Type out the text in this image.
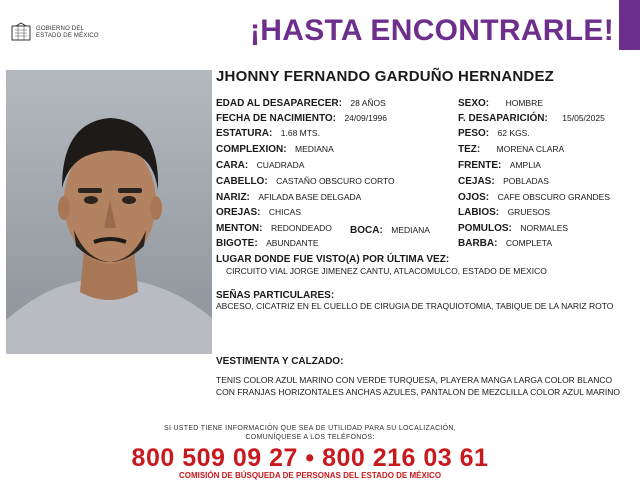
GOBIERNO DEL
ESTADO DE MÉXICO	¡HASTA ENCONTRARLE!
JHONNY FERNANDO GARDUÑO HERNANDEZ
EDAD AL DESAPARECER: 28 AÑOS
FECHA DE NACIMIENTO: 24/09/1996
ESTATURA: 1.68 MTS.
COMPLEXION: MEDIANA
CARA: CUADRADA
CABELLO: CASTAÑO OBSCURO CORTO
NARIZ: AFILADA BASE DELGADA
OREJAS: CHICAS
MENTON: REDONDEADO BOCA: MEDIANA
BIGOTE: ABUNDANTE
SEXO: HOMBRE
F. DESAPARICIÓN: 15/05/2025
PESO: 62 KGS.
TEZ: MORENA CLARA
FRENTE: AMPLIA
CEJAS: POBLADAS
OJOS: CAFE OBSCURO GRANDES
LABIOS: GRUESOS
POMULOS: NORMALES
BARBA: COMPLETA
LUGAR DONDE FUE VISTO(A) POR ÚLTIMA VEZ:
CIRCUITO VIAL JORGE JIMENEZ CANTU, ATLACOMULCO, ESTADO DE MEXICO
SEÑAS PARTICULARES:
ABCESO, CICATRIZ EN EL CUELLO DE CIRUGIA DE TRAQUIOTOMIA, TABIQUE DE LA NARIZ ROTO
VESTIMENTA Y CALZADO:
TENIS COLOR AZUL MARINO CON VERDE TURQUESA, PLAYERA MANGA LARGA COLOR BLANCO CON FRANJAS HORIZONTALES ANCHAS AZULES, PANTALON DE MEZCLILLA COLOR AZUL MARINO
SI USTED TIENE INFORMACIÓN QUE SEA DE UTILIDAD PARA SU LOCALIZACIÓN,
COMUNÍQUESE A LOS TELÉFONOS:
800 509 09 27 • 800 216 03 61
COMISIÓN DE BÚSQUEDA DE PERSONAS DEL ESTADO DE MÉXICO
